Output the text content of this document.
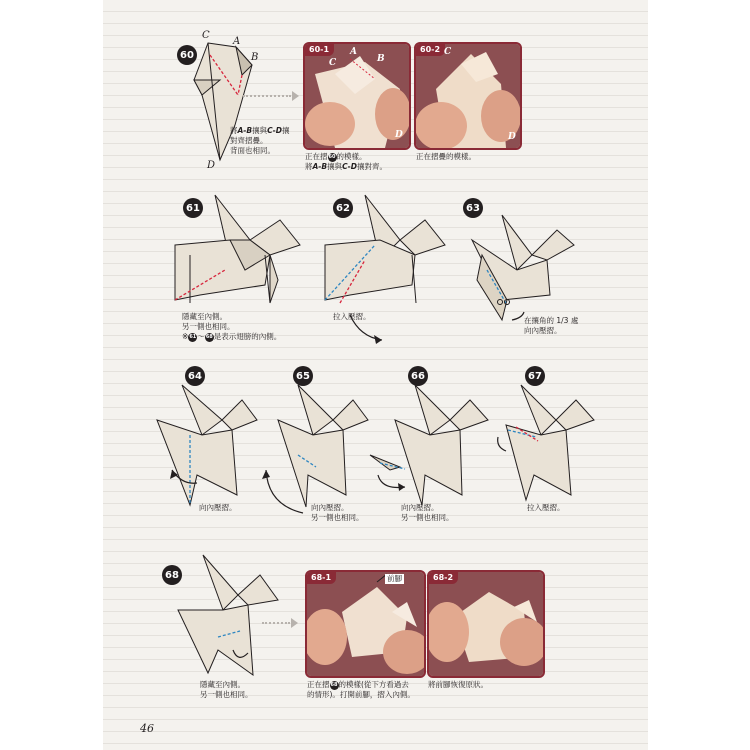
60
C
A
B
D
將A-B攘與C-D攘
對齊摺疊。
背面也相同。
60-1	A
B
C
D
正在摺60的模樣。
將A-B攘與C-D攘對齊。
60-2 C
D
正在摺疊的模樣。
61
隱藏至內側。
另一側也相同。
※61～68是表示翅膀的內側。
62
拉入壓摺。
63
在攘角的 1/3 處
向內壓摺。
64
向內壓摺。
65
向內壓摺。
另一側也相同。
66
向內壓摺。
另一側也相同。
67
拉入壓摺。
68
隱藏至內側。
另一側也相同。
68-1	前腳
正在摺68的模樣(從下方看過去
的情形)。打開前腳，摺入內側。
68-2
將前腳恢復原狀。
46
